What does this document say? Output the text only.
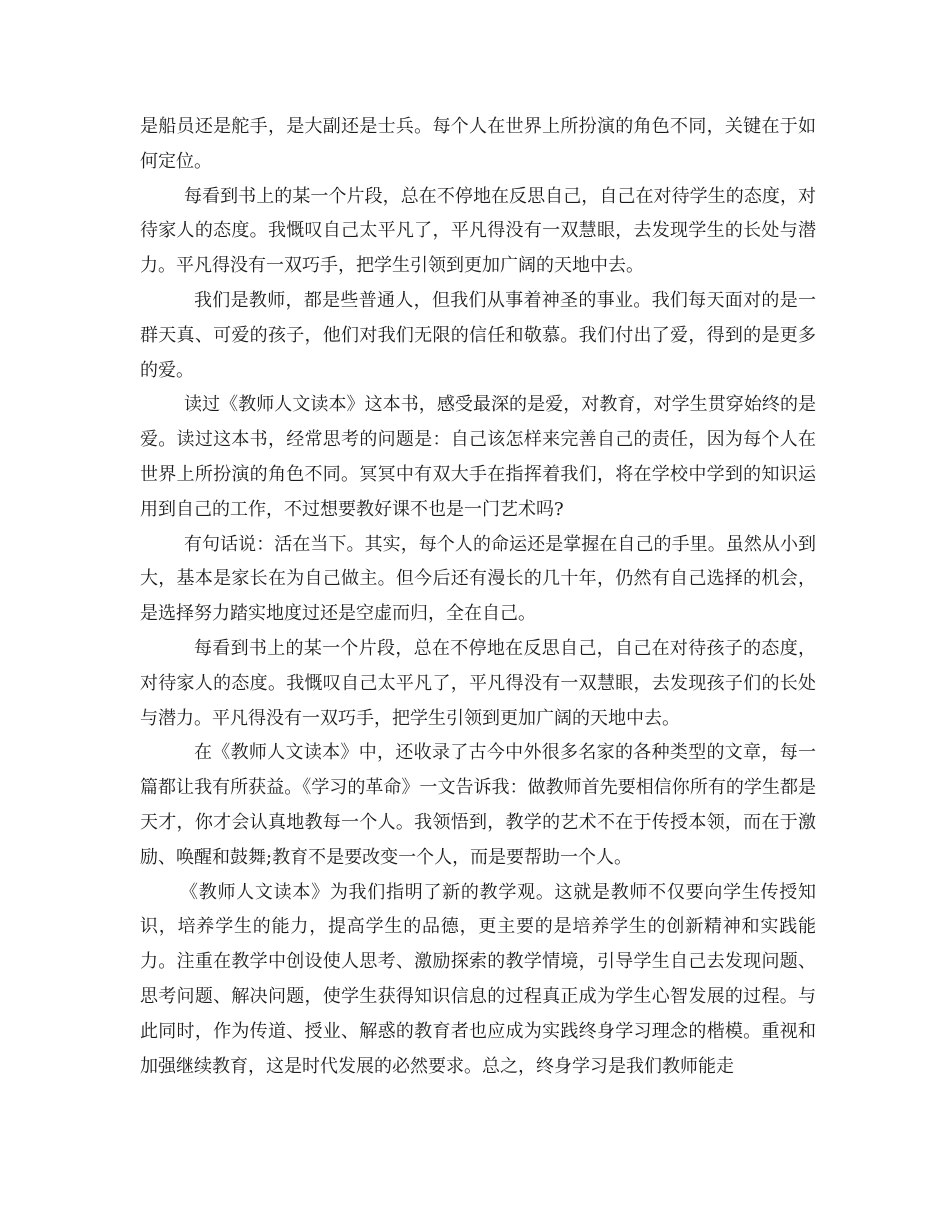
是船员还是舵手，是大副还是士兵。每个人在世界上所扮演的角色不同，关键在于如何定位。

每看到书上的某一个片段，总在不停地在反思自己，自己在对待学生的态度，对待家人的态度。我慨叹自己太平凡了，平凡得没有一双慧眼，去发现学生的长处与潜力。平凡得没有一双巧手，把学生引领到更加广阔的天地中去。

我们是教师，都是些普通人，但我们从事着神圣的事业。我们每天面对的是一群天真、可爱的孩子，他们对我们无限的信任和敬慕。我们付出了爱，得到的是更多的爱。

读过《教师人文读本》这本书，感受最深的是爱，对教育，对学生贯穿始终的是爱。读过这本书，经常思考的问题是：自己该怎样来完善自己的责任，因为每个人在世界上所扮演的角色不同。冥冥中有双大手在指挥着我们，将在学校中学到的知识运用到自己的工作，不过想要教好课不也是一门艺术吗?

有句话说：活在当下。其实，每个人的命运还是掌握在自己的手里。虽然从小到大，基本是家长在为自己做主。但今后还有漫长的几十年，仍然有自己选择的机会，是选择努力踏实地度过还是空虚而归，全在自己。

每看到书上的某一个片段，总在不停地在反思自己，自己在对待孩子的态度，对待家人的态度。我慨叹自己太平凡了，平凡得没有一双慧眼，去发现孩子们的长处与潜力。平凡得没有一双巧手，把学生引领到更加广阔的天地中去。

在《教师人文读本》中，还收录了古今中外很多名家的各种类型的文章，每一篇都让我有所获益。《学习的革命》一文告诉我：做教师首先要相信你所有的学生都是天才，你才会认真地教每一个人。我领悟到，教学的艺术不在于传授本领，而在于激励、唤醒和鼓舞;教育不是要改变一个人，而是要帮助一个人。

《教师人文读本》为我们指明了新的教学观。这就是教师不仅要向学生传授知识，培养学生的能力，提高学生的品德，更主要的是培养学生的创新精神和实践能力。注重在教学中创设使人思考、激励探索的教学情境，引导学生自己去发现问题、思考问题、解决问题，使学生获得知识信息的过程真正成为学生心智发展的过程。与此同时，作为传道、授业、解惑的教育者也应成为实践终身学习理念的楷模。重视和加强继续教育，这是时代发展的必然要求。总之，终身学习是我们教师能走
